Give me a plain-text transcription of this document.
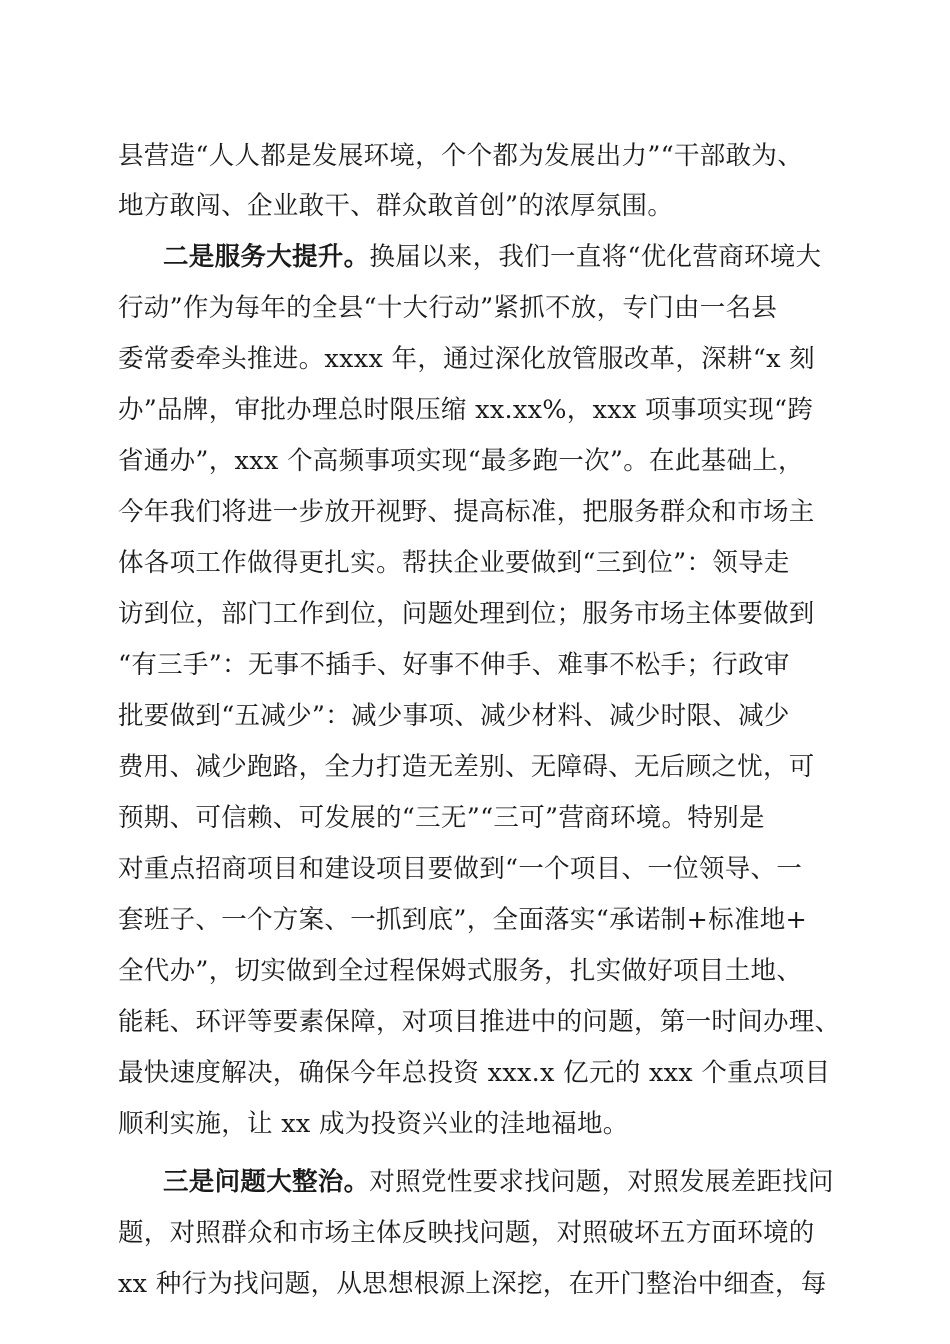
县营造“人人都是发展环境，个个都为发展出力”“干部敢为、
地方敢闯、企业敢干、群众敢首创”的浓厚氛围。
二是服务大提升。换届以来，我们一直将“优化营商环境大
行动”作为每年的全县“十大行动”紧抓不放，专门由一名县
委常委牵头推进。xxxx 年，通过深化放管服改革，深耕“x 刻
办”品牌，审批办理总时限压缩 xx.xx%，xxx 项事项实现“跨
省通办”，xxx 个高频事项实现“最多跑一次”。在此基础上，
今年我们将进一步放开视野、提高标准，把服务群众和市场主
体各项工作做得更扎实。帮扶企业要做到“三到位”：领导走
访到位，部门工作到位，问题处理到位；服务市场主体要做到
“有三手”：无事不插手、好事不伸手、难事不松手；行政审
批要做到“五减少”：减少事项、减少材料、减少时限、减少
费用、减少跑路，全力打造无差别、无障碍、无后顾之忧，可
预期、可信赖、可发展的“三无”“三可”营商环境。特别是
对重点招商项目和建设项目要做到“一个项目、一位领导、一
套班子、一个方案、一抓到底”，全面落实“承诺制+标准地+
全代办”，切实做到全过程保姆式服务，扎实做好项目土地、
能耗、环评等要素保障，对项目推进中的问题，第一时间办理、
最快速度解决，确保今年总投资 xxx.x 亿元的 xxx 个重点项目
顺利实施，让 xx 成为投资兴业的洼地福地。
三是问题大整治。对照党性要求找问题，对照发展差距找问
题，对照群众和市场主体反映找问题，对照破坏五方面环境的
xx 种行为找问题，从思想根源上深挖，在开门整治中细查，每
